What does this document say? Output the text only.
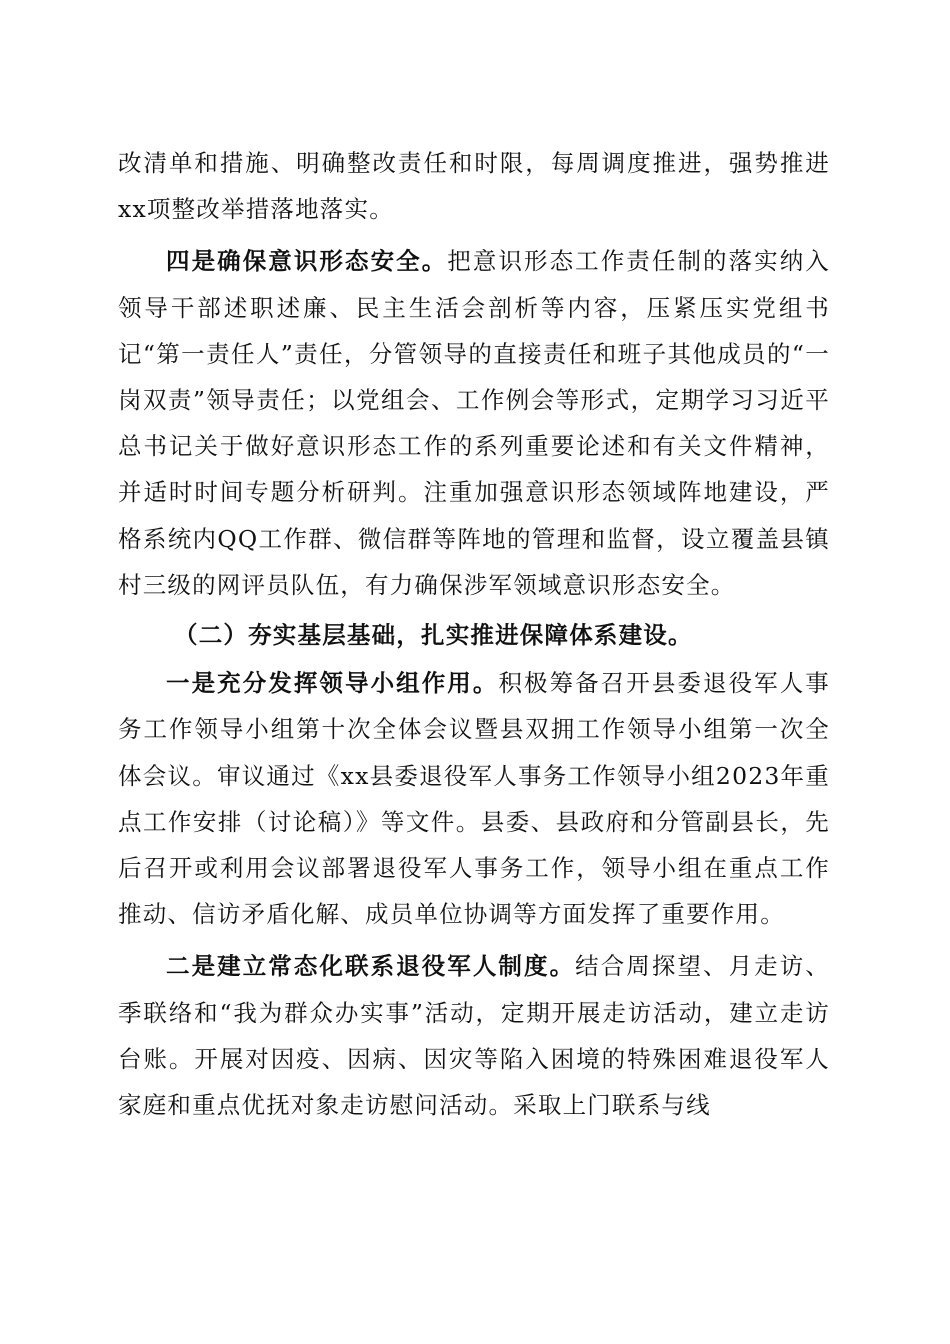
改清单和措施、明确整改责任和时限，每周调度推进，强势推进xx项整改举措落地落实。

四是确保意识形态安全。把意识形态工作责任制的落实纳入领导干部述职述廉、民主生活会剖析等内容，压紧压实党组书记“第一责任人”责任，分管领导的直接责任和班子其他成员的“一岗双责”领导责任；以党组会、工作例会等形式，定期学习习近平总书记关于做好意识形态工作的系列重要论述和有关文件精神，并适时时间专题分析研判。注重加强意识形态领域阵地建设，严格系统内QQ工作群、微信群等阵地的管理和监督，设立覆盖县镇村三级的网评员队伍，有力确保涉军领域意识形态安全。

（二）夯实基层基础，扎实推进保障体系建设。

一是充分发挥领导小组作用。积极筹备召开县委退役军人事务工作领导小组第十次全体会议暨县双拥工作领导小组第一次全体会议。审议通过《xx县委退役军人事务工作领导小组2023年重点工作安排（讨论稿）》等文件。县委、县政府和分管副县长，先后召开或利用会议部署退役军人事务工作，领导小组在重点工作推动、信访矛盾化解、成员单位协调等方面发挥了重要作用。

二是建立常态化联系退役军人制度。结合周探望、月走访、季联络和“我为群众办实事”活动，定期开展走访活动，建立走访台账。开展对因疫、因病、因灾等陷入困境的特殊困难退役军人家庭和重点优抚对象走访慰问活动。采取上门联系与线
